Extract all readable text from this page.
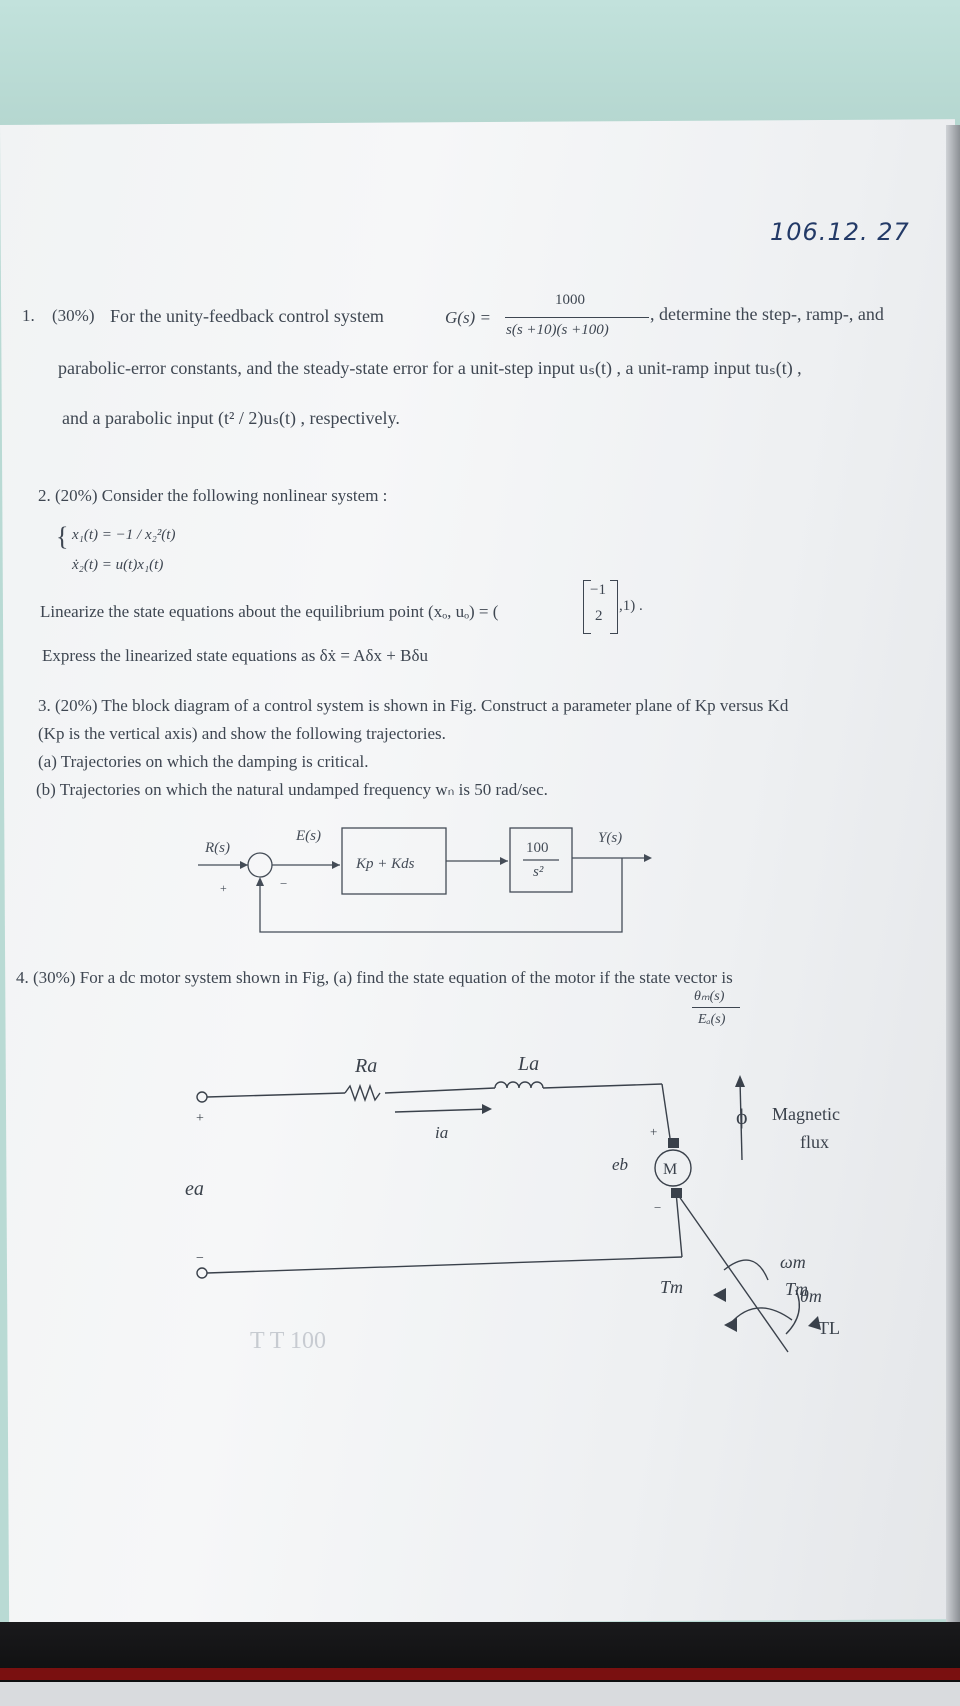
106.12. 27
1. (30%) For the unity-feedback control system	G(s) =
1000
s(s +10)(s +100)
, determine the step-, ramp-, and
parabolic-error constants, and the steady-state error for a unit-step input uₛ(t) , a unit-ramp input tuₛ(t) ,
and a parabolic input (t² / 2)uₛ(t) , respectively.
2. (20%) Consider the following nonlinear system :
{ x₁(t) = −1 / x₂²(t)
ẋ₂(t) = u(t)x₁(t)
Linearize the state equations about the equilibrium point (xₒ, uₒ) = (
−1
2
,1) .
Express the linearized state equations as δẋ = Aδx + Bδu
3. (20%) The block diagram of a control system is shown in Fig. Construct a parameter plane of Kp versus Kd
(Kp is the vertical axis) and show the following trajectories.
(a) Trajectories on which the damping is critical.
(b) Trajectories on which the natural undamped frequency wₙ is 50 rad/sec.
R(s)
E(s)	Y(s)
Kp + Kds
100
s²
+	−
4. (30%) For a dc motor system shown in Fig, (a) find the state equation of the motor if the state vector is
θₘ(s)
Eₐ(s)
Ra	La
ia
ea
eb M
Tm
Tm
ωm
θm
TL
ϕ Magnetic
flux
+
−
+
−
T T 100
